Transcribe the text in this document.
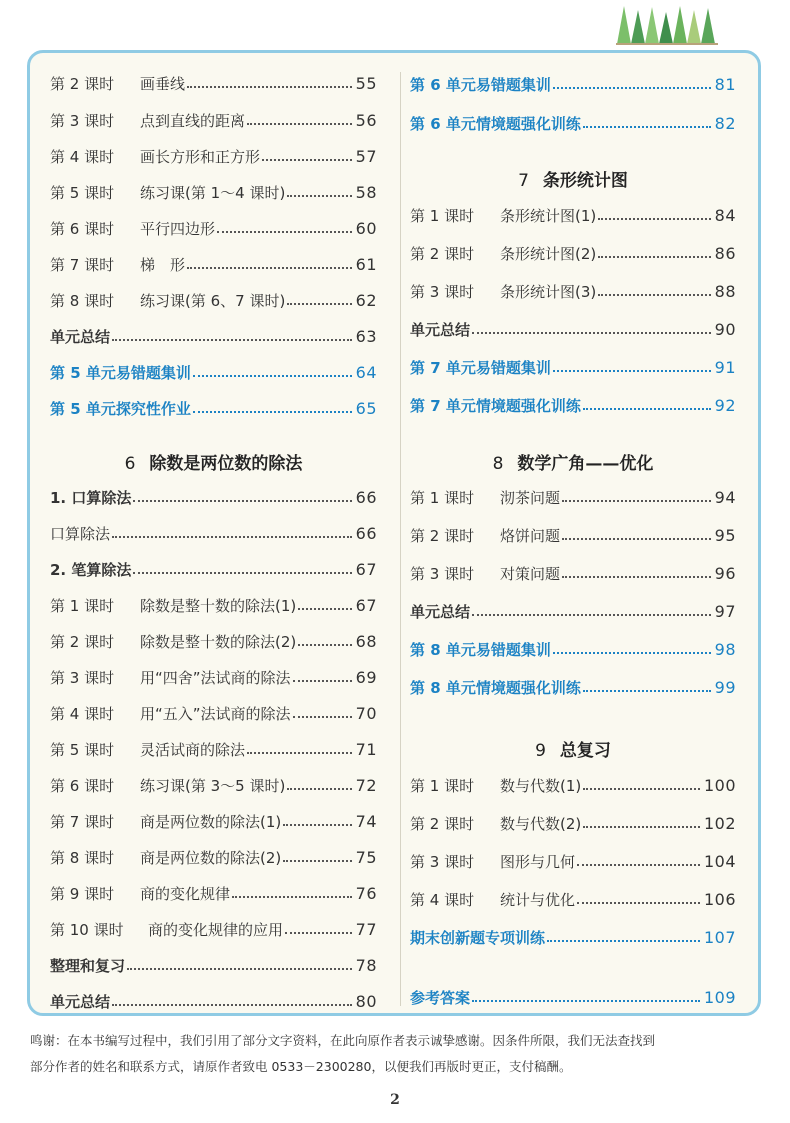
第 2 课时 画垂线	55
第 3 课时 点到直线的距离	56
第 4 课时 画长方形和正方形	57
第 5 课时 练习课(第 1～4 课时)	58
第 6 课时 平行四边形	60
第 7 课时 梯　形	61
第 8 课时 练习课(第 6、7 课时)	62
单元总结	63
第 5 单元易错题集训	64
第 5 单元探究性作业	65
6 除数是两位数的除法
1. 口算除法	66
口算除法	66
2. 笔算除法	67
第 1 课时 除数是整十数的除法(1)	67
第 2 课时 除数是整十数的除法(2)	68
第 3 课时 用“四舍”法试商的除法	69
第 4 课时 用“五入”法试商的除法	70
第 5 课时 灵活试商的除法	71
第 6 课时 练习课(第 3～5 课时)	72
第 7 课时 商是两位数的除法(1)	74
第 8 课时 商是两位数的除法(2)	75
第 9 课时 商的变化规律	76
第 10 课时 商的变化规律的应用	77
整理和复习	78
单元总结	80
第 6 单元易错题集训	81
第 6 单元情境题强化训练	82
7 条形统计图
第 1 课时 条形统计图(1)	84
第 2 课时 条形统计图(2)	86
第 3 课时 条形统计图(3)	88
单元总结	90
第 7 单元易错题集训	91
第 7 单元情境题强化训练	92
8 数学广角——优化
第 1 课时 沏茶问题	94
第 2 课时 烙饼问题	95
第 3 课时 对策问题	96
单元总结	97
第 8 单元易错题集训	98
第 8 单元情境题强化训练	99
9 总复习
第 1 课时 数与代数(1)	100
第 2 课时 数与代数(2)	102
第 3 课时 图形与几何	104
第 4 课时 统计与优化	106
期末创新题专项训练	107
参考答案	109
鸣谢：在本书编写过程中，我们引用了部分文字资料，在此向原作者表示诚挚感谢。因条件所限，我们无法查找到
部分作者的姓名和联系方式，请原作者致电 0533－2300280，以便我们再版时更正，支付稿酬。
2
